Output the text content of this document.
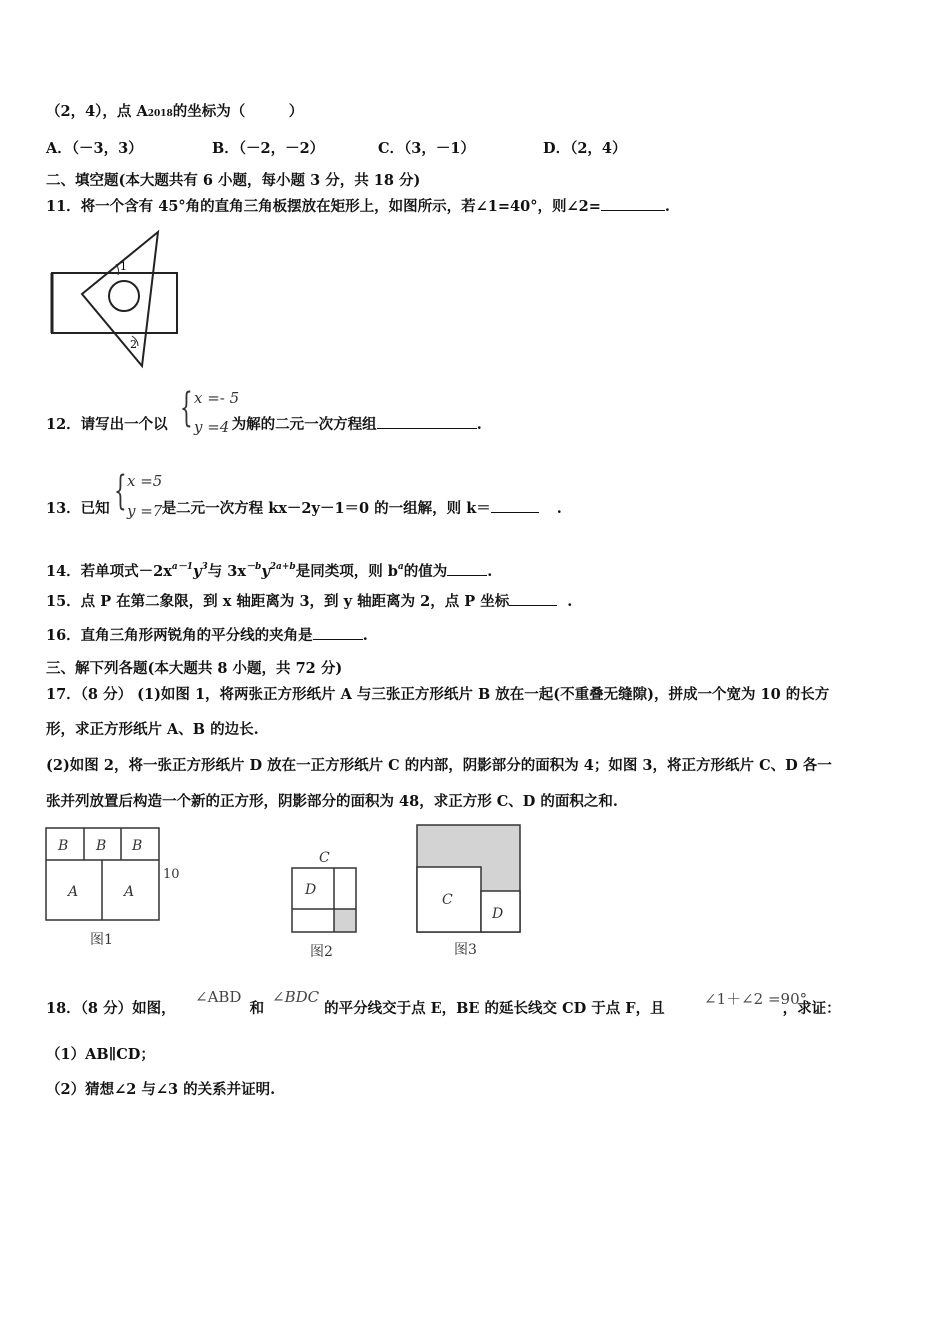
（2，4），点 A2018的坐标为（　　　）
A．（－3，3）	B．（－2，－2）	C．（3，－1）	D．（2，4）
二、填空题(本大题共有 6 小题，每小题 3 分，共 18 分)
11．将一个含有 45°角的直角三角板摆放在矩形上，如图所示，若∠1=40°，则∠2=	.
1
2
12．请写出一个以	为解的二元一次方程组	.
{ x =- 5
y =4
13．已知	是二元一次方程 kx－2y－1＝0 的一组解，则 k＝	.
{ x =5
y =7
14．若单项式$-2x^{a-1}y^3$与 $3x^{-b}y^{2a+b}$是同类项，则 $b^a$的值为	.
15．点 P 在第二象限，到 x 轴距离为 3，到 y 轴距离为 2，点 P 坐标	.
16．直角三角形两锐角的平分线的夹角是	.
三、解下列各题(本大题共 8 小题，共 72 分)
17．（8 分） (1)如图 1，将两张正方形纸片 A 与三张正方形纸片 B 放在一起(不重叠无缝隙)，拼成一个宽为 10 的长方
形，求正方形纸片 A、B 的边长.
(2)如图 2，将一张正方形纸片 D 放在一正方形纸片 C 的内部，阴影部分的面积为 4；如图 3，将正方形纸片 C、D 各一
张并列放置后构造一个新的正方形，阴影部分的面积为 48，求正方形 C、D 的面积之和.
B B B
A	A
10
图1
C
D
图2
C
D
图3
18．（8 分）如图，	和	的平分线交于点 E，BE 的延长线交 CD 于点 F，且	，求证：
∠ABD ∠BDC	∠1＋∠2 =90°
（1）AB∥CD；
（2）猜想∠2 与∠3 的关系并证明.
